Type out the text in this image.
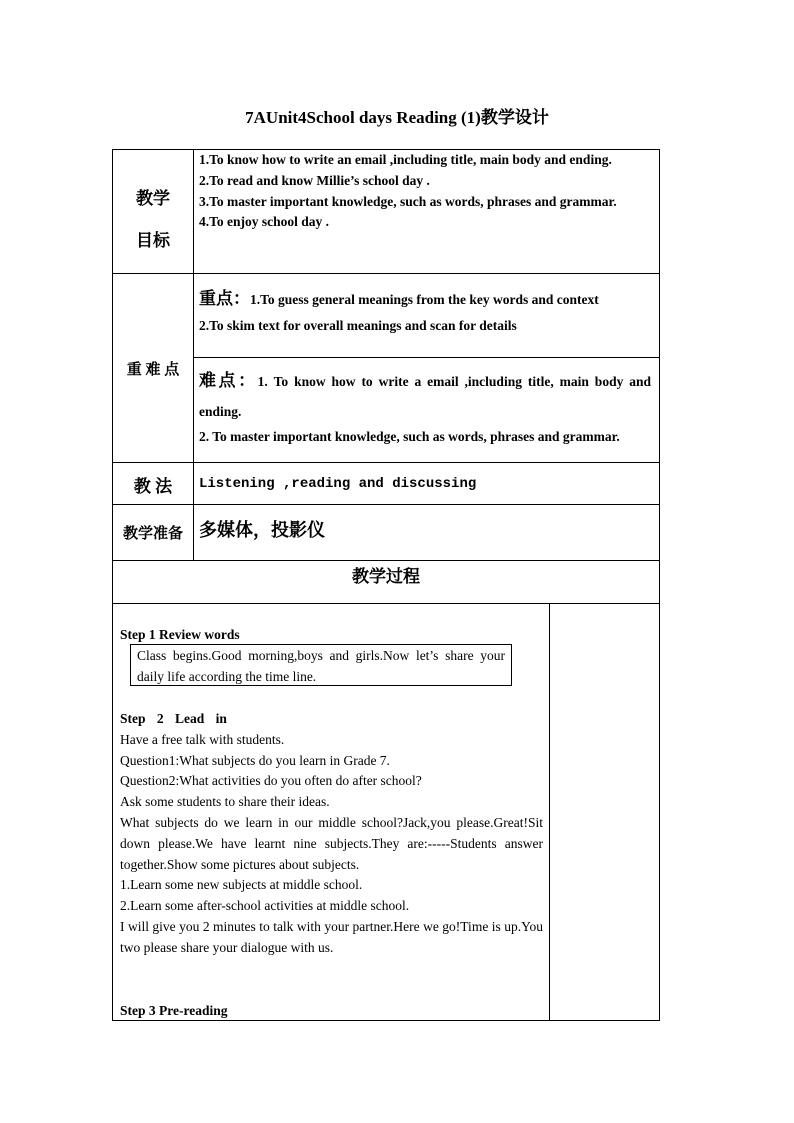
7AUnit4School days Reading (1)教学设计
教学
目标
1.To know how to write an email ,including title, main body and ending.
2.To read and know Millie’s school day .
3.To master important knowledge, such as words, phrases and grammar.
4.To enjoy school day .
重 难 点
重点：1.To guess general meanings from the key words and context
2.To skim text for overall meanings and scan for details
难点：1. To know how to write a email ,including title, main body and ending.
2. To master important knowledge, such as words, phrases and grammar.
教 法	Listening ,reading and discussing
教学准备 多媒体，投影仪
教学过程
Step 1 Review words
Class begins.Good morning,boys and girls.Now let’s share your daily life according the time line.
Step 2 Lead in
Have a free talk with students.
Question1:What subjects do you learn in Grade 7.
Question2:What activities do you often do after school?
Ask some students to share their ideas.
What subjects do we learn in our middle school?Jack,you please.Great!Sit down please.We have learnt nine subjects.They are:-----Students answer together.Show some pictures about subjects.
1.Learn some new subjects at middle school.
2.Learn some after-school activities at middle school.
I will give you 2 minutes to talk with your partner.Here we go!Time is up.You two please share your dialogue with us.
Step 3 Pre-reading
